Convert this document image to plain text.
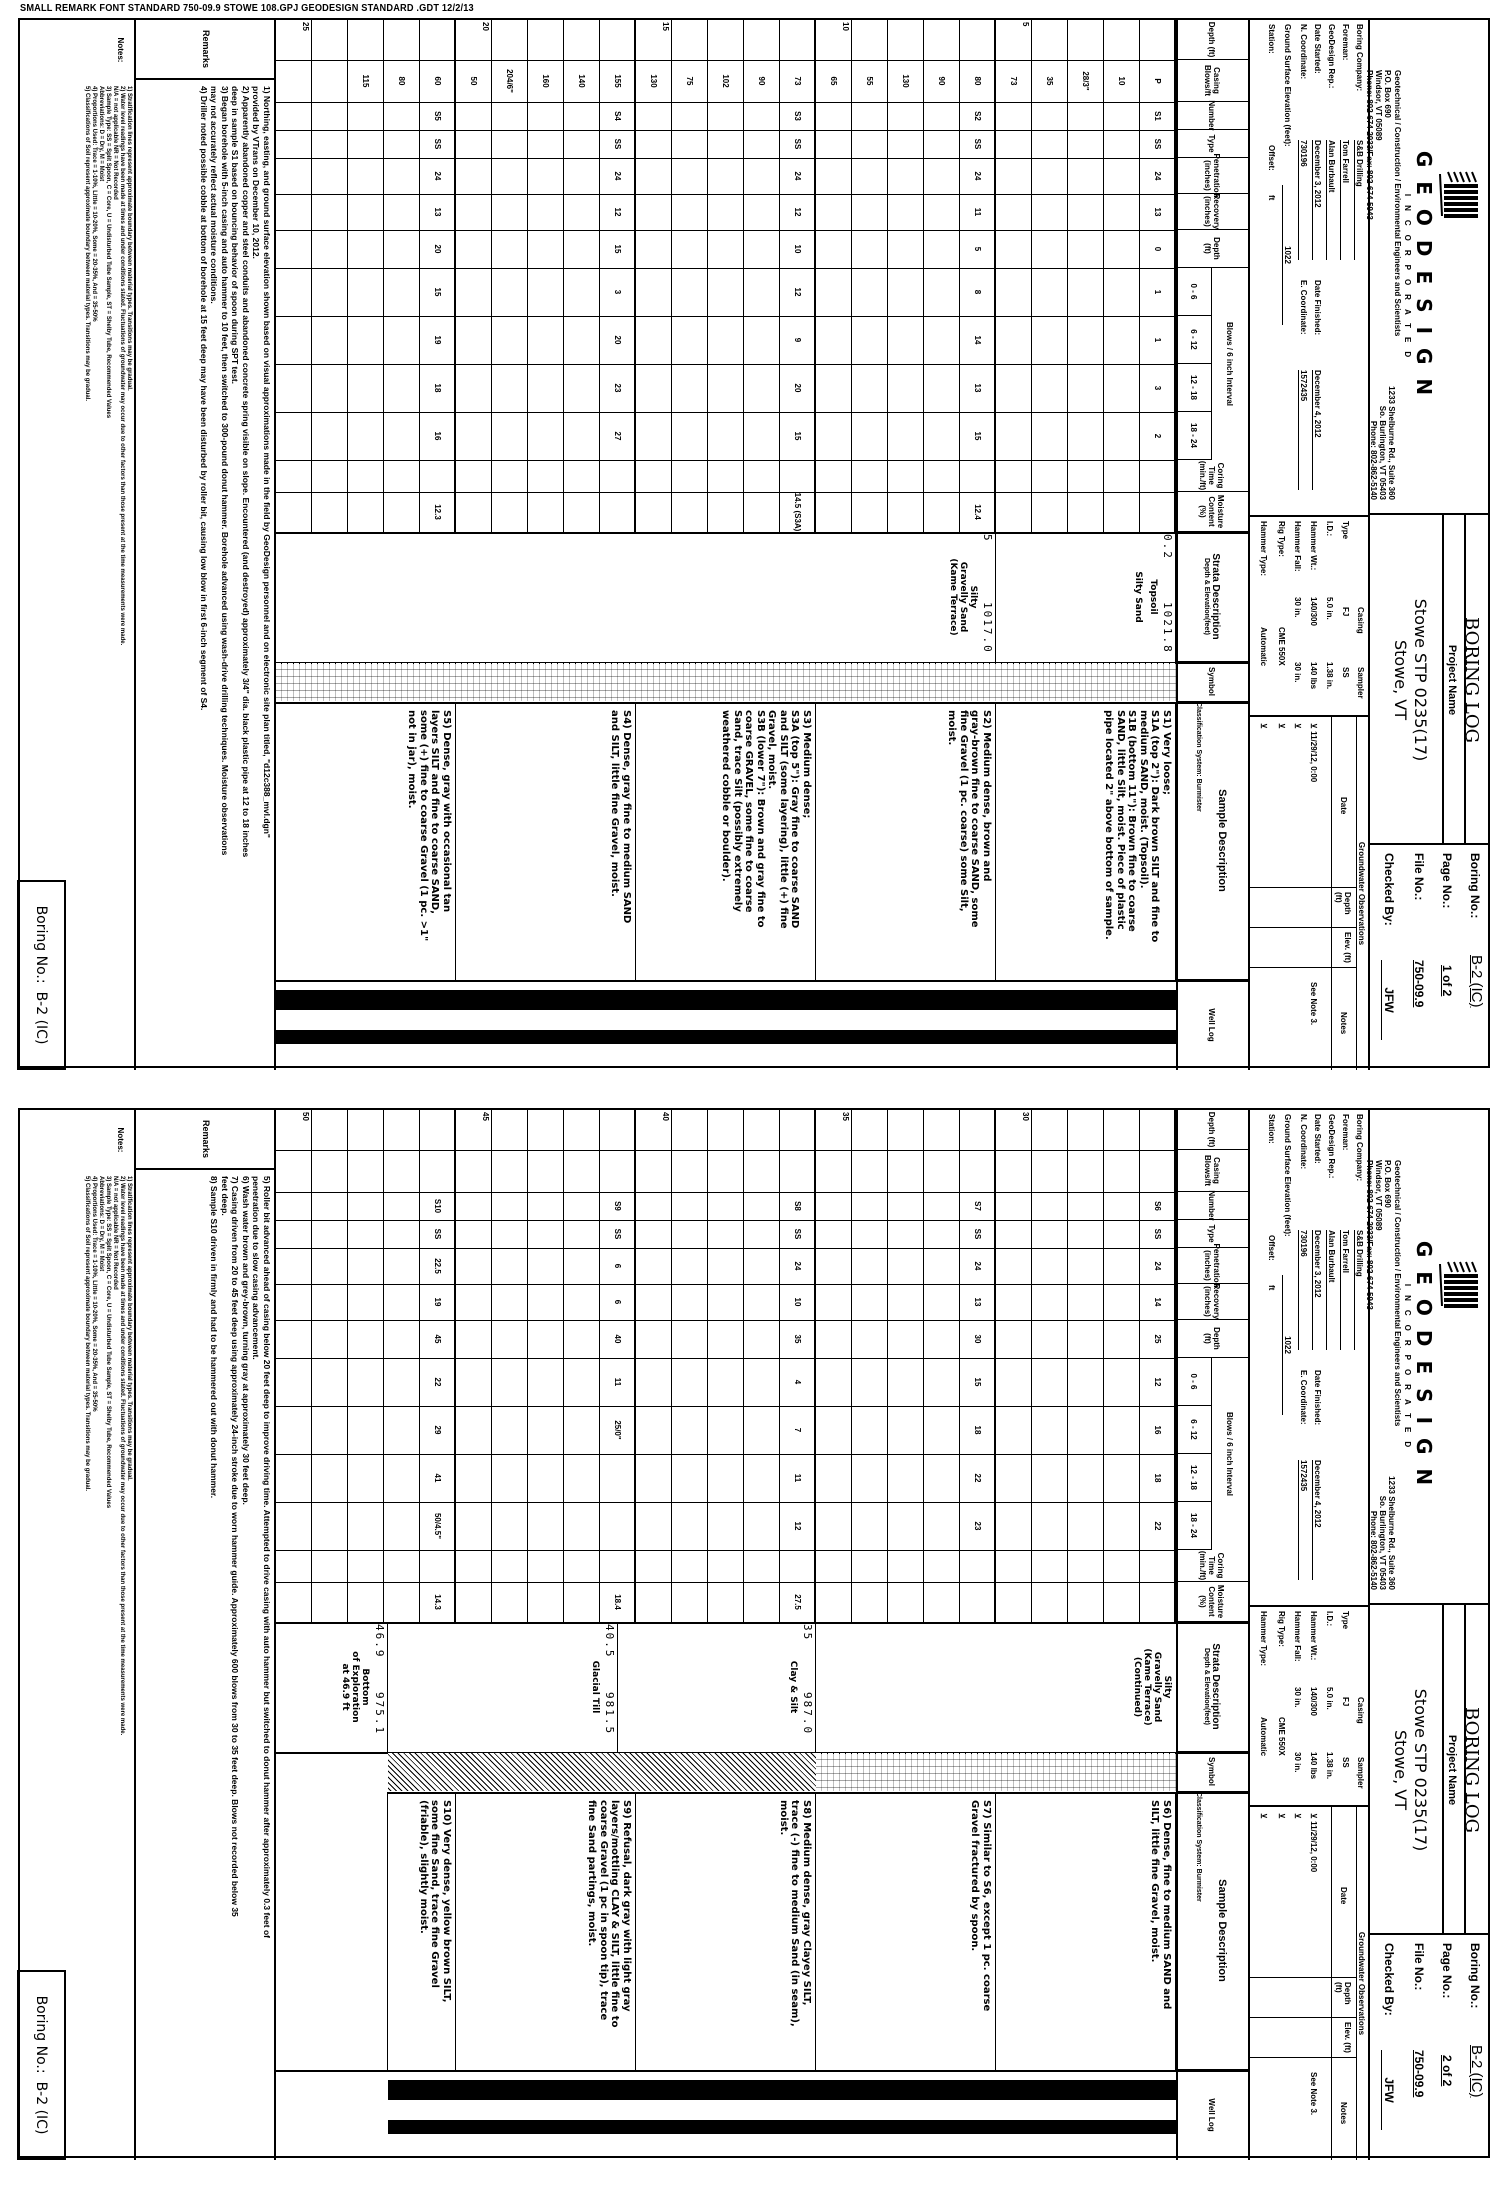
SMALL REMARK FONT STANDARD 750-09.9 STOWE 108.GPJ GEODESIGN STANDARD .GDT 12/2/13
GEODESIGN
INCORPORATED
Geotechnical / Construction / Environmental Engineers and Scientists
P.O. Box 690
Windsor, VT 05089
Phone: 802-674-2033/Fax: 802-674-5943
1233 Shelburne Rd., Suite 360
So. Burlington, VT 05403
Phone: 802-862-5140
BORING LOG
Project Name
Stowe STP 0235(17)
Stowe, VT
Boring No.:
B-2 (IC)
Page No.:
1 of 2
File No.:
750-09.9
Checked By:
JFW
Boring Company:
S&B Drilling
Foreman:
Tom Farrell
GeoDesign Rep.:
Alan Burbault
Date Started:
December 3, 2012
Date Finished:
December 4, 2012
N. Coordinate:
730196
E. Coordinate:
1572435
Ground Surface Elevation (feet):
1022
Station:
Offset:
ft
Casing
Sampler
Type
FJ
SS
I.D.:
5.0 in.
1.38 in.
Hammer Wt.:
140/300
140 lbs
Hammer Fall:
30 in.
30 in.
Rig Type:
CME 550X
Hammer Type:
Automatic
Groundwater Observations
Date
Depth (ft)
Elev. (ft)
Notes
⊻ 11/29/12, 0:00
See Note 3.
⊻
⊻
⊻
Depth (ft)
Casing Blows/ft
Number
Type
Penetration (inches)
Recovery (inches)
Depth (ft)
0 - 6
6 - 12
12 - 18
18 - 24
Coring Time (min./ft)
Moisture Content (%)
Blows / 6 inch Interval
Strata Description
Depth & Elevation(feet)
Symbol
Sample Description
Classification System: Burmister
Well Log
5
10
15
20
25
P
10
28/3"
35
73
80
90
130
55
65
73
90
102
75
130
155
140
160
204/6"
50
60
80
115
S1
SS
24
13
0
1
1
3
2
S1) Very loose;
S1A (top 2"): Dark brown SILT and fine to
medium SAND, moist. (Topsoil).
S1B (bottom 11"): Brown fine to coarse
SAND, little Silt, moist. Piece of plastic
pipe located 2" above bottom of sample.
S2
SS
24
11
5
8
14
13
15
12.4
S2) Medium dense, brown and
gray-brown fine to coarse SAND, some
fine Gravel (1 pc. coarse) some Silt,
moist.
S3
SS
24
12
10
12
9
20
15
14.5 (S3A)
S3) Medium dense;
S3A (top 5"): Gray fine to coarse SAND
and SILT (some layering), little (+) fine
Gravel, moist.
S3B (lower 7"): Brown and gray fine to
coarse GRAVEL, some fine to coarse
Sand, trace Silt (possibly extremely
weathered cobble or boulder).
S4
SS
24
12
15
3
20
23
27
S4) Dense, gray fine to medium SAND
and SILT, little fine Gravel, moist.
S5
SS
24
13
20
15
19
18
16
12.3
S5) Dense, gray with occasional tan
layers SILT and fine to coarse SAND,
some (+) fine to coarse Gravel (1 pc. >1"
not in jar), moist.
0.2
1021.8
Topsoil
Silty Sand
5
1017.0
Silty
Gravelly Sand
(Kame Terrace)
Remarks
1) Northing, easting, and ground surface elevation shown based on visual approximations made in the field by GeoDesign personnel and on electronic site plan titled, "d12c388_mvl.dgn"
provided by VTrans on December 10, 2012.
2) Apparently abandoned copper and steel conduits and abandoned concrete spring visible on slope. Encountered (and destroyed) approximately 3/4" dia. black plastic pipe at 12 to 18 inches
deep in sample S1 based on bouncing behavior of spoon during SPT test.
3) Began borehole with 5-inch casing and auto hammer to 10 feet, then switched to 300-pound donut hammer. Borehole advanced using wash-drive drilling techniques. Moisture observations
may not accurately reflect actual moisture conditions.
4) Driller noted possible cobble at bottom of borehole at 15 feet deep may have been disturbed by roller bit, causing low blow in first 6-inch segment of S4.
Notes:
1) Stratification lines represent approximate boundary between material types. Transitions may be gradual.
2) Water level readings have been made at times and under conditions stated. Fluctuations of groundwater may occur due to other factors than those present at the time measurements were made.
N/A = not applicable NR = Not Recorded
3) Sample Type: SS = Split Spoon, C = Core, U = Undisturbed Tube Sample, ST = Shelby Tube, Recommended Values
Abbreviations: D = Dry, M = Moist
4) Proportions Used: Trace = 1-10%, Little = 10-20%, Some = 20-35%, And = 35-50%
5) Classifications of Soil represent approximate boundary between material types. Transitions may be gradual.
Boring No.:
B-2 (IC)
GEODESIGN
INCORPORATED
Geotechnical / Construction / Environmental Engineers and Scientists
P.O. Box 690
Windsor, VT 05089
Phone: 802-674-2033/Fax: 802-674-5943
1233 Shelburne Rd., Suite 360
So. Burlington, VT 05403
Phone: 802-862-5140
BORING LOG
Project Name
Stowe STP 0235(17)
Stowe, VT
Boring No.:
B-2 (IC)
Page No.:
2 of 2
File No.:
750-09.9
Checked By:
JFW
Boring Company:
S&B Drilling
Foreman:
Tom Farrell
GeoDesign Rep.:
Alan Burbault
Date Started:
December 3, 2012
Date Finished:
December 4, 2012
N. Coordinate:
730196
E. Coordinate:
1572435
Ground Surface Elevation (feet):
1022
Station:
Offset:
ft
Casing
Sampler
Type
FJ
SS
I.D.:
5.0 in.
1.38 in.
Hammer Wt.:
140/300
140 lbs
Hammer Fall:
30 in.
30 in.
Rig Type:
CME 550X
Hammer Type:
Automatic
Groundwater Observations
Date
Depth (ft)
Elev. (ft)
Notes
⊻ 11/29/12, 0:00
See Note 3.
⊻
⊻
⊻
Depth (ft)
Casing Blows/ft
Number
Type
Penetration (inches)
Recovery (inches)
Depth (ft)
0 - 6
6 - 12
12 - 18
18 - 24
Coring Time (min./ft)
Moisture Content (%)
Blows / 6 inch Interval
Strata Description
Depth & Elevation(feet)
Symbol
Sample Description
Classification System: Burmister
Well Log
30
35
40
45
50
S6
SS
24
14
25
12
16
18
22
S6) Dense, fine to medium SAND and
SILT, little fine Gravel, moist.
S7
SS
24
13
30
15
18
22
23
S7) Similar to S6, except 1 pc. coarse
Gravel fractured by spoon.
S8
SS
24
10
35
4
7
11
12
27.5
S8) Medium dense, gray Clayey SILT,
trace (-) fine to medium Sand (in seam),
moist.
S9
SS
6
6
40
11
25/0"
18.4
S9) Refusal, dark gray with light gray
layers/mottling CLAY & SILT, little fine to
coarse Gravel (1 pc in spoon tip), trace
fine Sand partings, moist.
S10
SS
22.5
19
45
22
29
41
50/4.5"
14.3
S10) Very dense, yellow brown SILT,
some fine Sand, trace fine Gravel
(friable), slightly moist.
Silty
Gravelly Sand
(Kame Terrace)
(Continued)
35
987.0
Clay & Silt
40.5
981.5
Glacial Till
46.9
975.1
Bottom
of Exploration
at 46.9 ft
Remarks
5) Roller bit advanced ahead of casing below 20 feet deep to improve driving time. Attempted to drive casing with auto hammer but switched to donut hammer after approximately 0.3 feet of
penetration due to slow casing advancement.
6) Wash water brown and grey-brown, turning gray at approximately 30 feet deep.
7) Casing driven from 20 to 45 feet deep using approximately 24-inch stroke due to worn hammer guide. Approximately 600 blows from 30 to 35 feet deep. Blows not recorded below 35
feet deep.
8) Sample S10 driven in firmly and had to be hammered out with donut hammer.
Notes:
1) Stratification lines represent approximate boundary between material types. Transitions may be gradual.
2) Water level readings have been made at times and under conditions stated. Fluctuations of groundwater may occur due to other factors than those present at the time measurements were made.
N/A = not applicable NR = Not Recorded
3) Sample Type: SS = Split Spoon, C = Core, U = Undisturbed Tube Sample, ST = Shelby Tube, Recommended Values
Abbreviations: D = Dry, M = Moist
4) Proportions Used: Trace = 1-10%, Little = 10-20%, Some = 20-35%, And = 35-50%
5) Classifications of Soil represent approximate boundary between material types. Transitions may be gradual.
Boring No.:
B-2 (IC)
